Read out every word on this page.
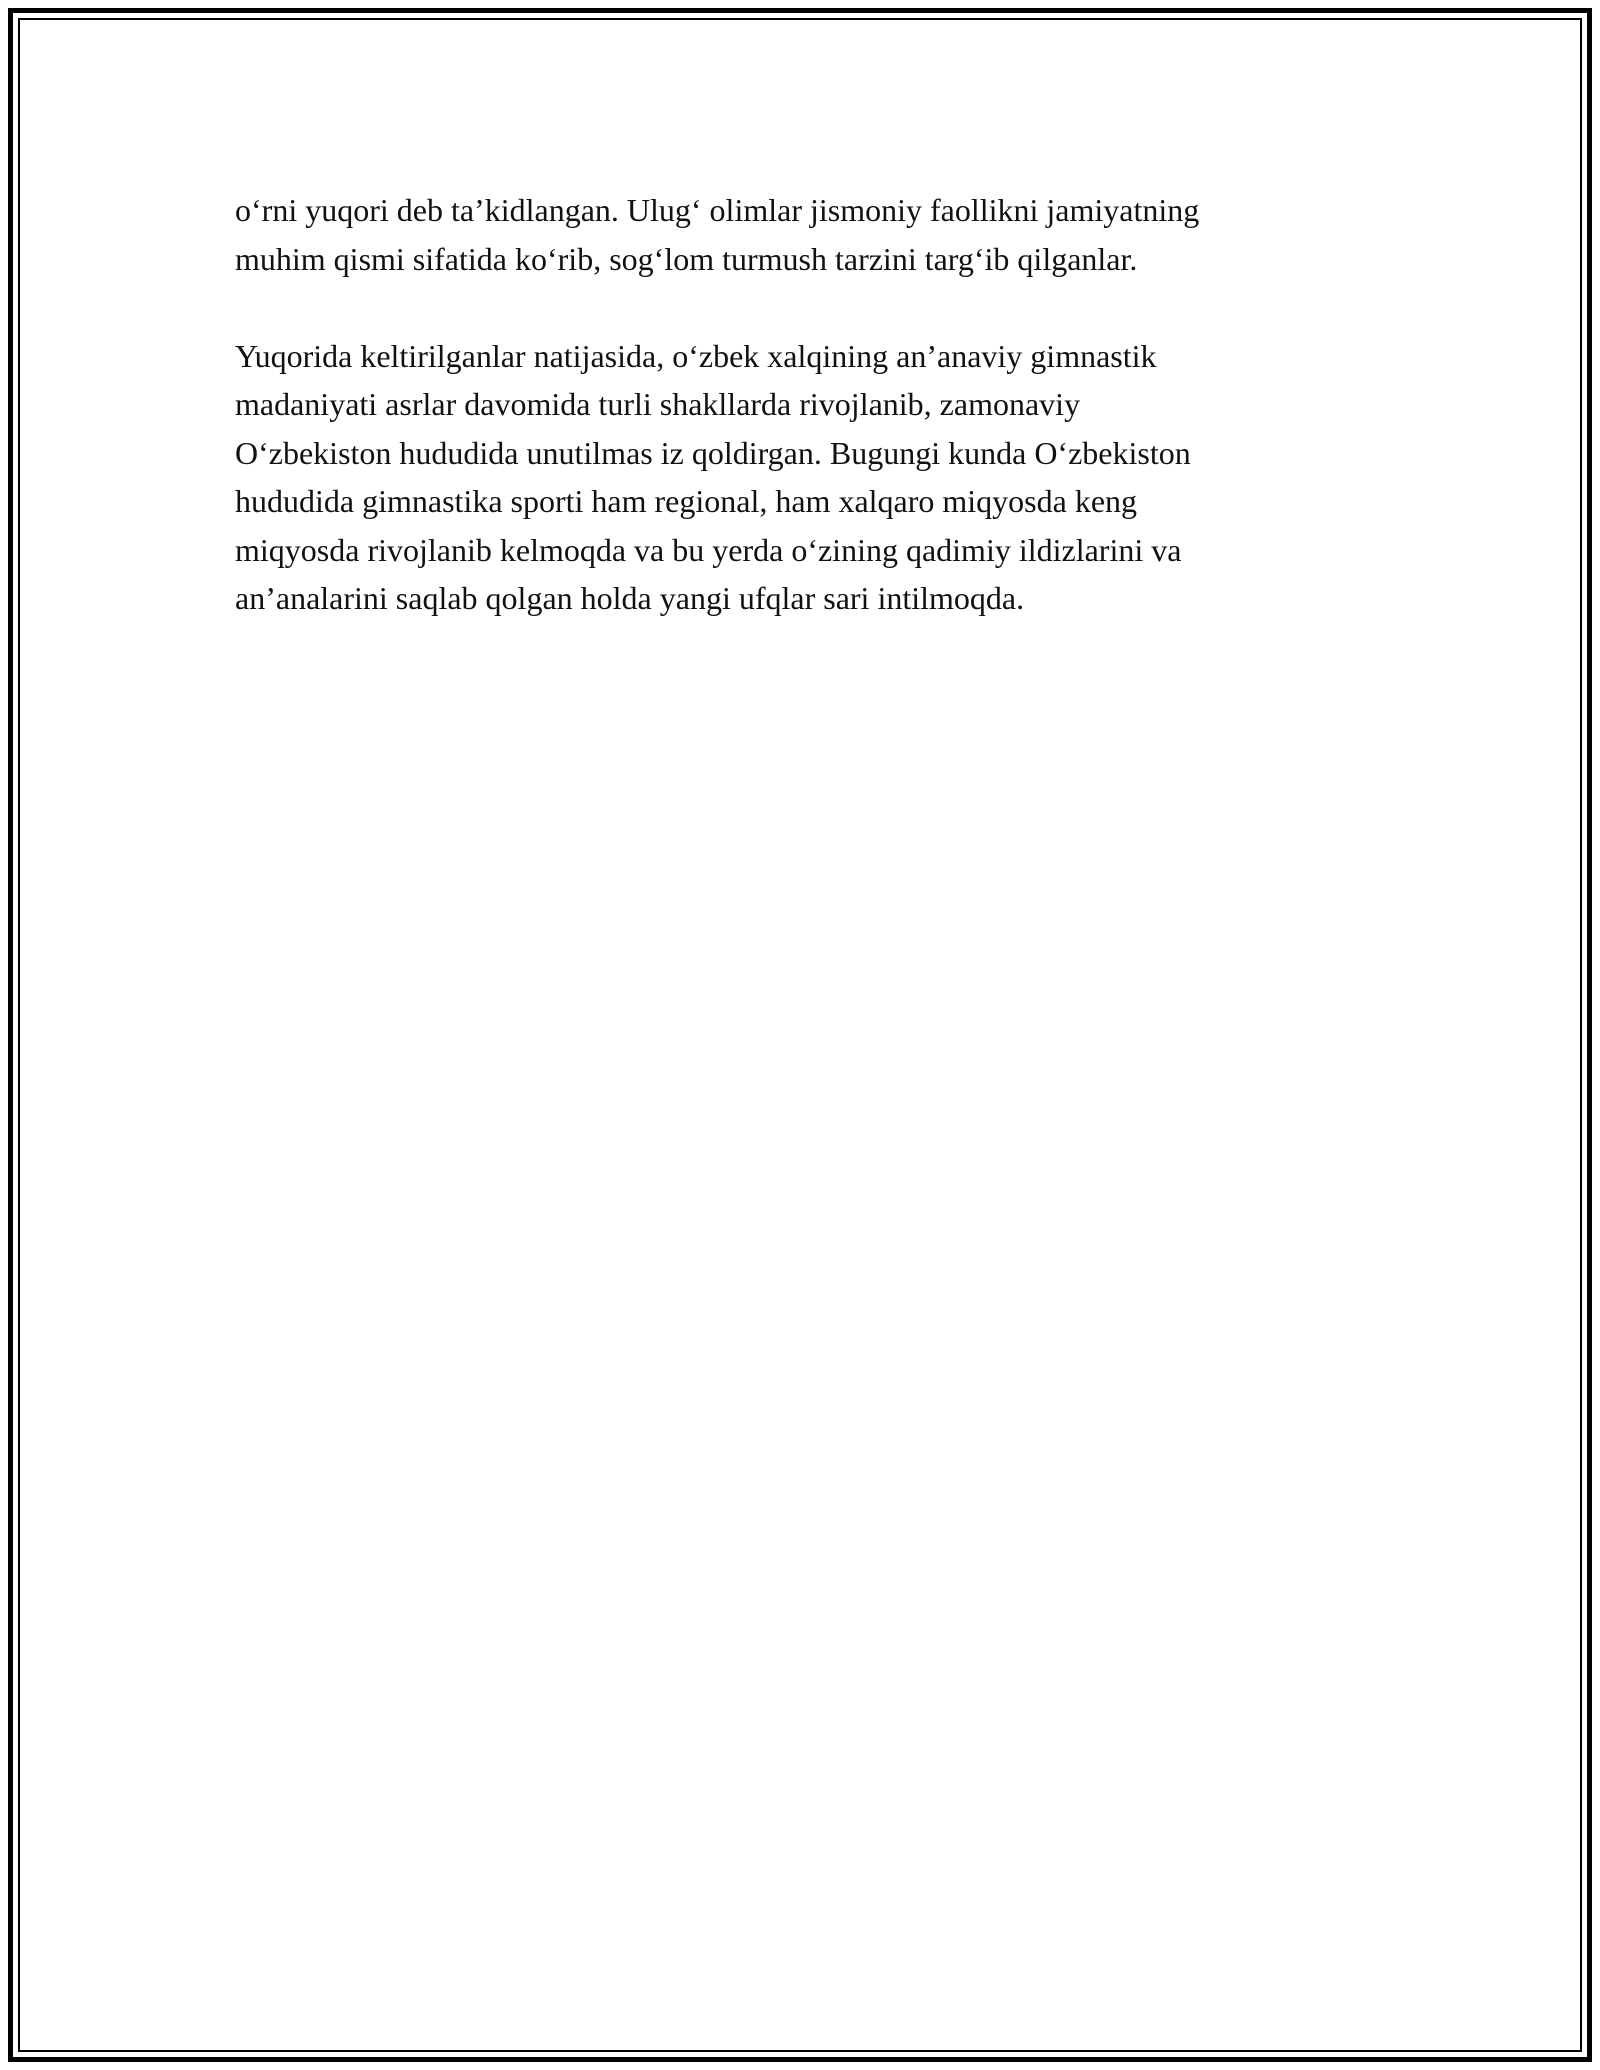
o‘rni yuqori deb ta’kidlangan. Ulug‘ olimlar jismoniy faollikni jamiyatning
muhim qismi sifatida ko‘rib, sog‘lom turmush tarzini targ‘ib qilganlar.

Yuqorida keltirilganlar natijasida, o‘zbek xalqining an’anaviy gimnastik
madaniyati asrlar davomida turli shakllarda rivojlanib, zamonaviy
O‘zbekiston hududida unutilmas iz qoldirgan. Bugungi kunda O‘zbekiston
hududida gimnastika sporti ham regional, ham xalqaro miqyosda keng
miqyosda rivojlanib kelmoqda va bu yerda o‘zining qadimiy ildizlarini va
an’analarini saqlab qolgan holda yangi ufqlar sari intilmoqda.
